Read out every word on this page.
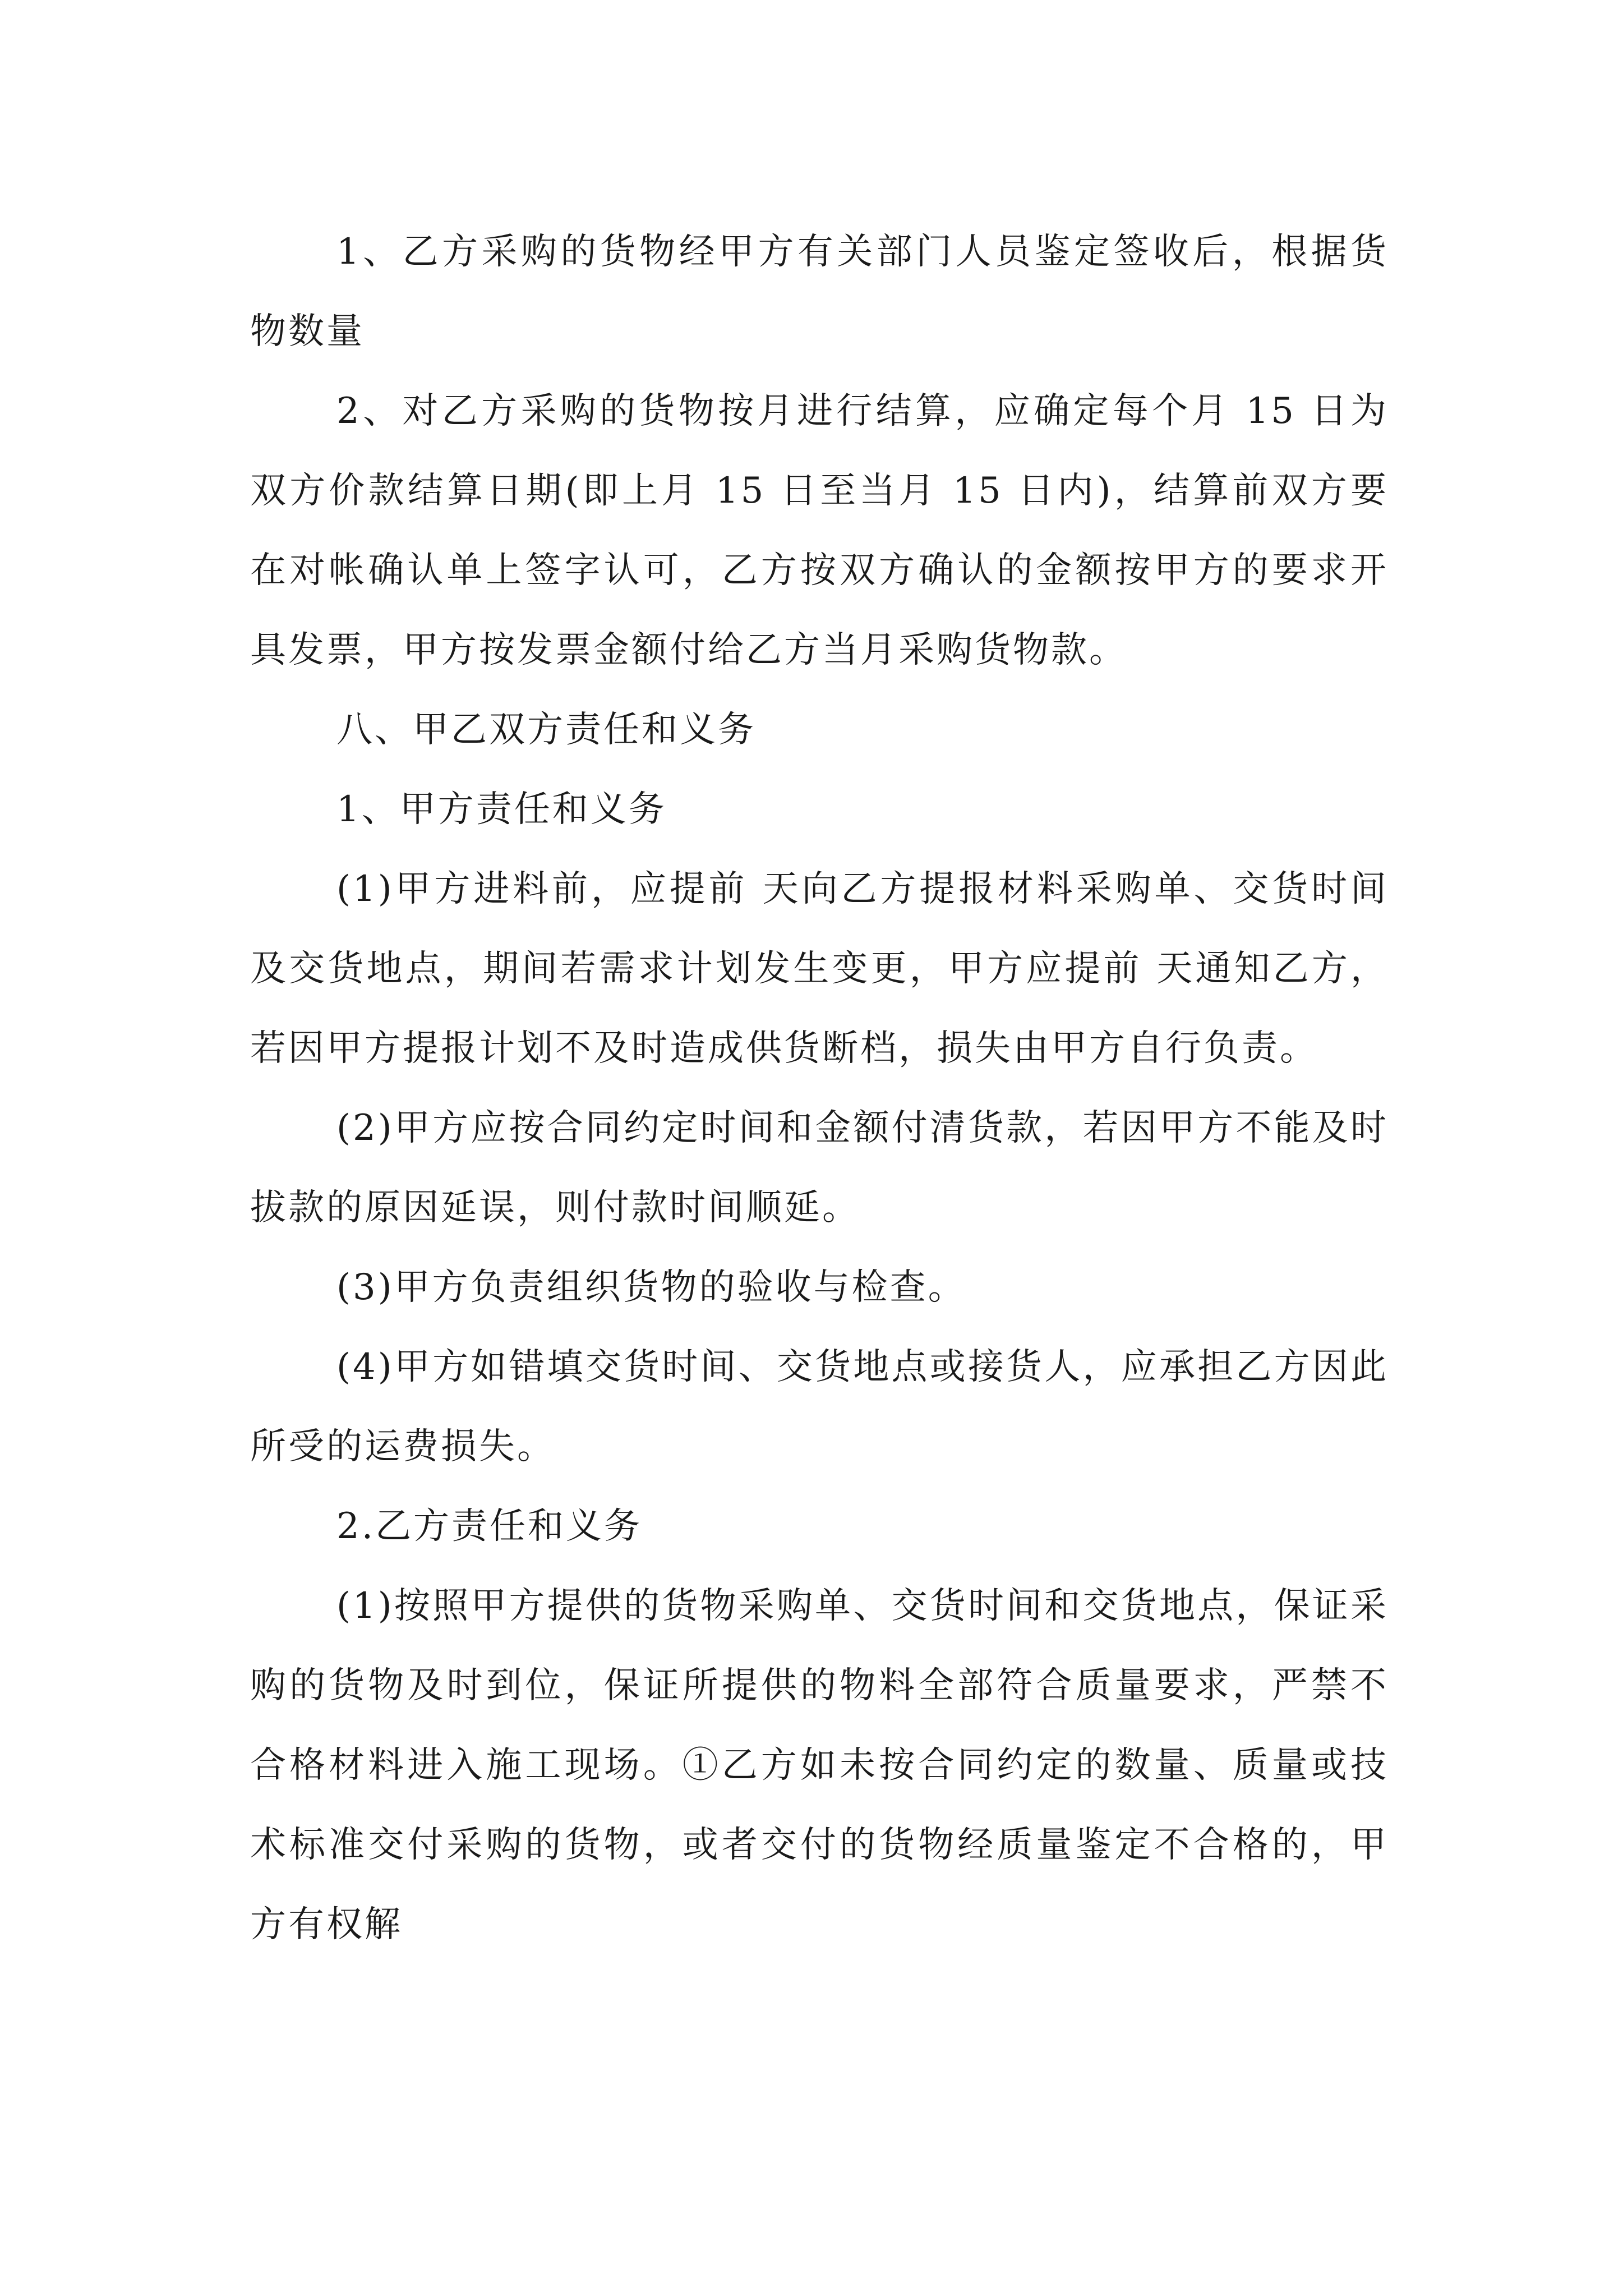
1、乙方采购的货物经甲方有关部门人员鉴定签收后，根据货物数量

2、对乙方采购的货物按月进行结算，应确定每个月 15 日为双方价款结算日期(即上月 15 日至当月 15 日内)，结算前双方要在对帐确认单上签字认可，乙方按双方确认的金额按甲方的要求开具发票，甲方按发票金额付给乙方当月采购货物款。

八、甲乙双方责任和义务

1、甲方责任和义务

(1)甲方进料前，应提前 天向乙方提报材料采购单、交货时间及交货地点，期间若需求计划发生变更，甲方应提前 天通知乙方，若因甲方提报计划不及时造成供货断档，损失由甲方自行负责。

(2)甲方应按合同约定时间和金额付清货款，若因甲方不能及时拔款的原因延误，则付款时间顺延。

(3)甲方负责组织货物的验收与检查。

(4)甲方如错填交货时间、交货地点或接货人，应承担乙方因此所受的运费损失。

2.乙方责任和义务

(1)按照甲方提供的货物采购单、交货时间和交货地点，保证采购的货物及时到位，保证所提供的物料全部符合质量要求，严禁不合格材料进入施工现场。①乙方如未按合同约定的数量、质量或技术标准交付采购的货物，或者交付的货物经质量鉴定不合格的，甲方有权解
